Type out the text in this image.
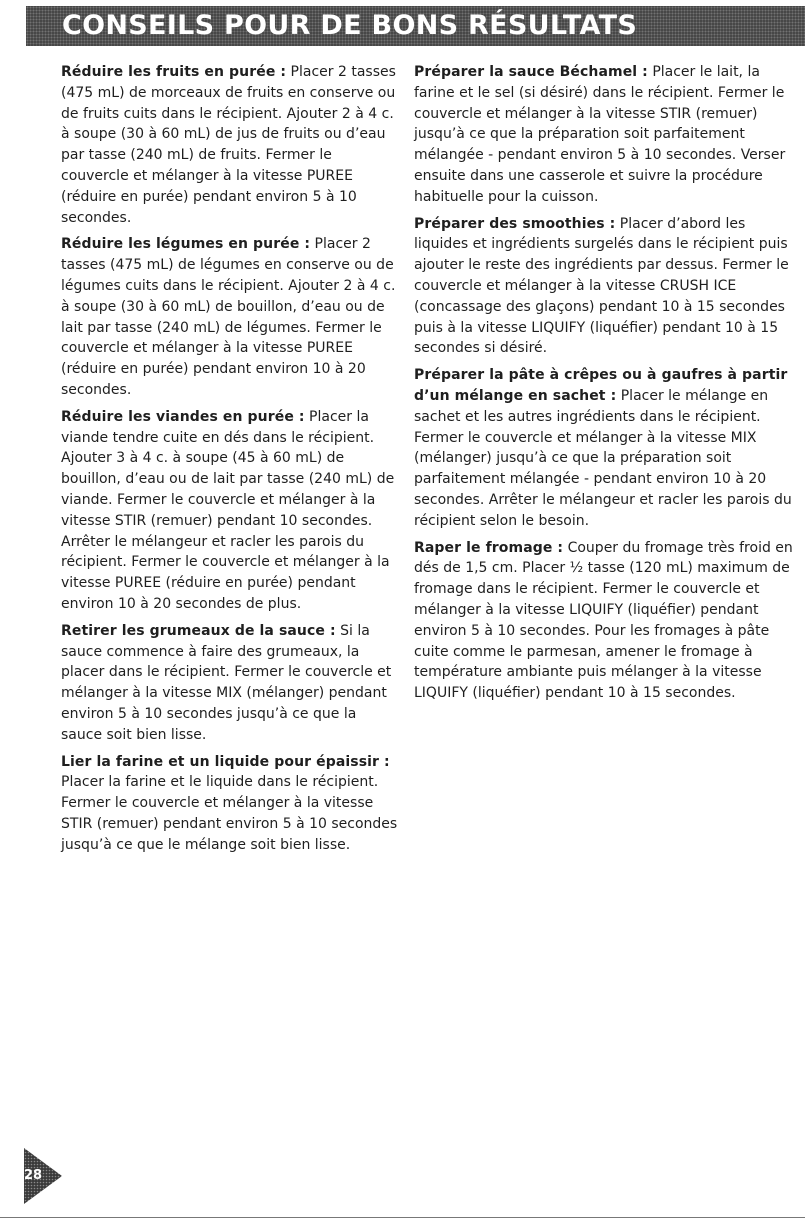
CONSEILS POUR DE BONS RÉSULTATS

Réduire les fruits en purée : Placer 2 tasses (475 mL) de morceaux de fruits en conserve ou de fruits cuits dans le récipient. Ajouter 2 à 4 c. à soupe (30 à 60 mL) de jus de fruits ou d’eau par tasse (240 mL) de fruits. Fermer le couvercle et mélanger à la vitesse PUREE (réduire en purée) pendant environ 5 à 10 secondes.

Réduire les légumes en purée : Placer 2 tasses (475 mL) de légumes en conserve ou de légumes cuits dans le récipient. Ajouter 2 à 4 c. à soupe (30 à 60 mL) de bouillon, d’eau ou de lait par tasse (240 mL) de légumes. Fermer le couvercle et mélanger à la vitesse PUREE (réduire en purée) pendant environ 10 à 20 secondes.

Réduire les viandes en purée : Placer la viande tendre cuite en dés dans le récipient. Ajouter 3 à 4 c. à soupe (45 à 60 mL) de bouillon, d’eau ou de lait par tasse (240 mL) de viande. Fermer le couvercle et mélanger à la vitesse STIR (remuer) pendant 10 secondes. Arrêter le mélangeur et racler les parois du récipient. Fermer le couvercle et mélanger à la vitesse PUREE (réduire en purée) pendant environ 10 à 20 secondes de plus.

Retirer les grumeaux de la sauce : Si la sauce commence à faire des grumeaux, la placer dans le récipient. Fermer le couvercle et mélanger à la vitesse MIX (mélanger) pendant environ 5 à 10 secondes jusqu’à ce que la sauce soit bien lisse.

Lier la farine et un liquide pour épaissir : Placer la farine et le liquide dans le récipient. Fermer le couvercle et mélanger à la vitesse STIR (remuer) pendant environ 5 à 10 secondes jusqu’à ce que le mélange soit bien lisse.

Préparer la sauce Béchamel : Placer le lait, la farine et le sel (si désiré) dans le récipient. Fermer le couvercle et mélanger à la vitesse STIR (remuer) jusqu’à ce que la préparation soit parfaitement mélangée - pendant environ 5 à 10 secondes. Verser ensuite dans une casserole et suivre la procédure habituelle pour la cuisson.

Préparer des smoothies : Placer d’abord les liquides et ingrédients surgelés dans le récipient puis ajouter le reste des ingrédients par dessus. Fermer le couvercle et mélanger à la vitesse CRUSH ICE (concassage des glaçons) pendant 10 à 15 secondes puis à la vitesse LIQUIFY (liquéfier) pendant 10 à 15 secondes si désiré.

Préparer la pâte à crêpes ou à gaufres à partir d’un mélange en sachet : Placer le mélange en sachet et les autres ingrédients dans le récipient. Fermer le couvercle et mélanger à la vitesse MIX (mélanger) jusqu’à ce que la préparation soit parfaitement mélangée - pendant environ 10 à 20 secondes. Arrêter le mélangeur et racler les parois du récipient selon le besoin.

Raper le fromage : Couper du fromage très froid en dés de 1,5 cm. Placer ½ tasse (120 mL) maximum de fromage dans le récipient. Fermer le couvercle et mélanger à la vitesse LIQUIFY (liquéfier) pendant environ 5 à 10 secondes. Pour les fromages à pâte cuite comme le parmesan, amener le fromage à température ambiante puis mélanger à la vitesse LIQUIFY (liquéfier) pendant 10 à 15 secondes.

28
